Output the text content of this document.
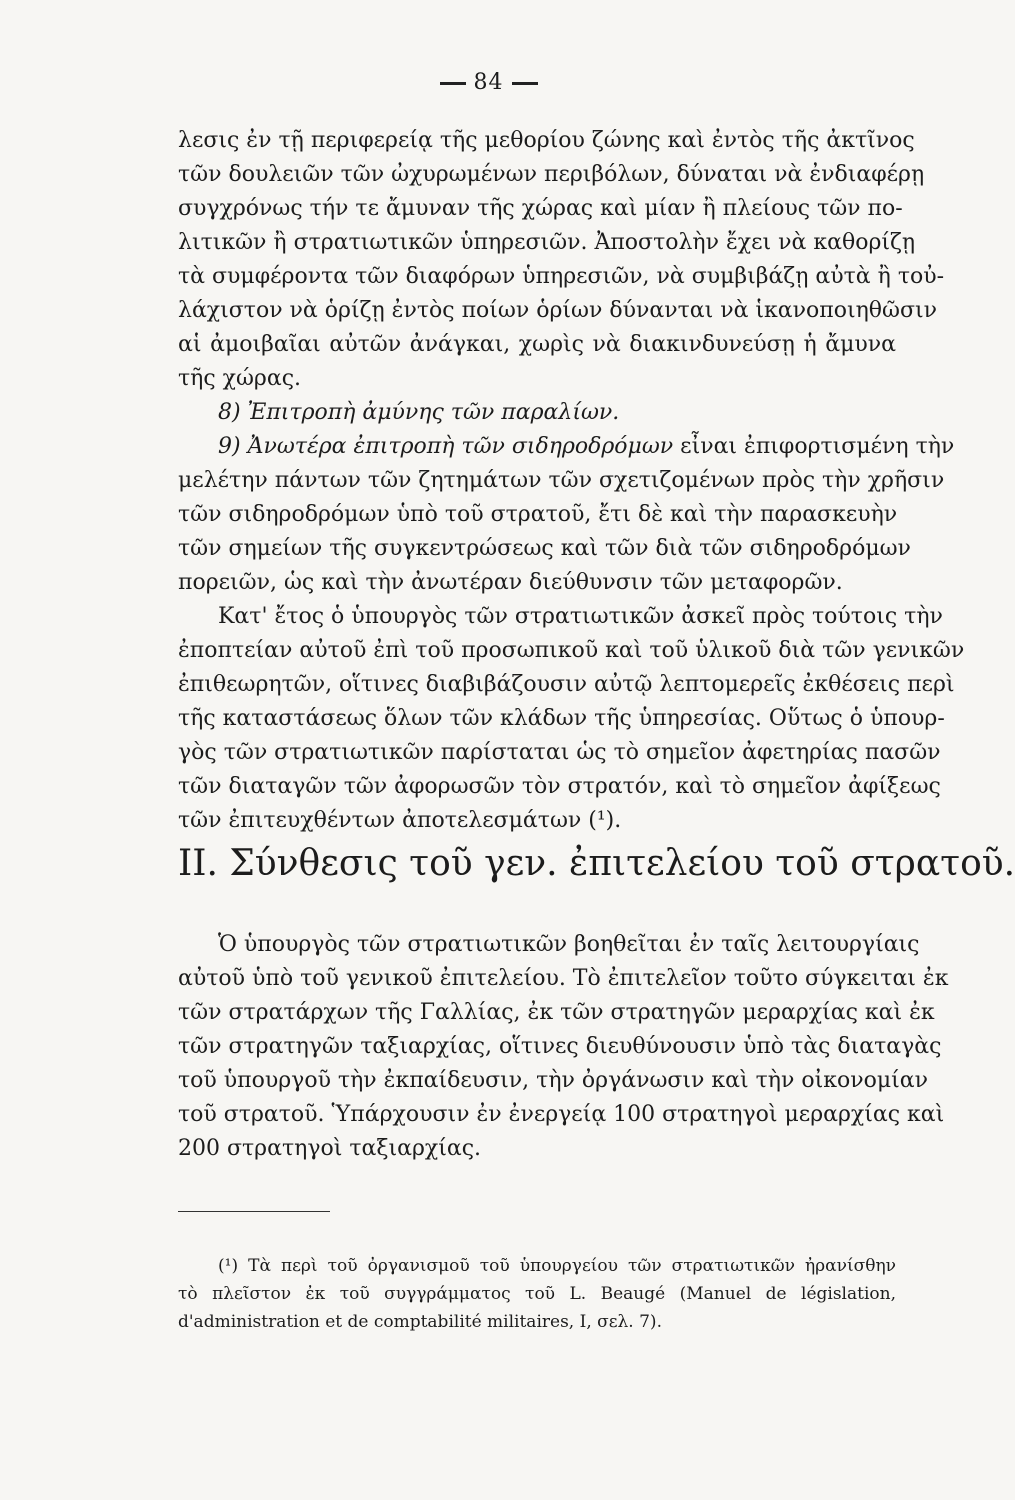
84
λεσις ἐν τῇ περιφερείᾳ τῆς μεθορίου ζώνης καὶ ἐντὸς τῆς ἀκτῖνος
τῶν δουλειῶν τῶν ὠχυρωμένων περιβόλων, δύναται νὰ ἐνδιαφέρῃ
συγχρόνως τήν τε ἄμυναν τῆς χώρας καὶ μίαν ἢ πλείους τῶν πο-
λιτικῶν ἢ στρατιωτικῶν ὑπηρεσιῶν. Ἀποστολὴν ἔχει νὰ καθορίζῃ
τὰ συμφέροντα τῶν διαφόρων ὑπηρεσιῶν, νὰ συμβιβάζῃ αὐτὰ ἢ τοὐ-
λάχιστον νὰ ὁρίζῃ ἐντὸς ποίων ὁρίων δύνανται νὰ ἱκανοποιηθῶσιν
αἱ ἀμοιβαῖαι αὐτῶν ἀνάγκαι, χωρὶς νὰ διακινδυνεύσῃ ἡ ἄμυνα
τῆς χώρας.
8) Ἐπιτροπὴ ἀμύνης τῶν παραλίων.
9) Ἀνωτέρα ἐπιτροπὴ τῶν σιδηροδρόμων εἶναι ἐπιφορτισμένη τὴν
μελέτην πάντων τῶν ζητημάτων τῶν σχετιζομένων πρὸς τὴν χρῆσιν
τῶν σιδηροδρόμων ὑπὸ τοῦ στρατοῦ, ἔτι δὲ καὶ τὴν παρασκευὴν
τῶν σημείων τῆς συγκεντρώσεως καὶ τῶν διὰ τῶν σιδηροδρόμων
πορειῶν, ὡς καὶ τὴν ἀνωτέραν διεύθυνσιν τῶν μεταφορῶν.
Κατ' ἔτος ὁ ὑπουργὸς τῶν στρατιωτικῶν ἀσκεῖ πρὸς τούτοις τὴν
ἐποπτείαν αὐτοῦ ἐπὶ τοῦ προσωπικοῦ καὶ τοῦ ὑλικοῦ διὰ τῶν γενικῶν
ἐπιθεωρητῶν, οἵτινες διαβιβάζουσιν αὐτῷ λεπτομερεῖς ἐκθέσεις περὶ
τῆς καταστάσεως ὅλων τῶν κλάδων τῆς ὑπηρεσίας. Οὕτως ὁ ὑπουρ-
γὸς τῶν στρατιωτικῶν παρίσταται ὡς τὸ σημεῖον ἀφετηρίας πασῶν
τῶν διαταγῶν τῶν ἀφορωσῶν τὸν στρατόν, καὶ τὸ σημεῖον ἀφίξεως
τῶν ἐπιτευχθέντων ἀποτελεσμάτων (¹).
II. Σύνθεσις τοῦ γεν. ἐπιτελείου τοῦ στρατοῦ.
Ὁ ὑπουργὸς τῶν στρατιωτικῶν βοηθεῖται ἐν ταῖς λειτουργίαις
αὐτοῦ ὑπὸ τοῦ γενικοῦ ἐπιτελείου. Τὸ ἐπιτελεῖον τοῦτο σύγκειται ἐκ
τῶν στρατάρχων τῆς Γαλλίας, ἐκ τῶν στρατηγῶν μεραρχίας καὶ ἐκ
τῶν στρατηγῶν ταξιαρχίας, οἵτινες διευθύνουσιν ὑπὸ τὰς διαταγὰς
τοῦ ὑπουργοῦ τὴν ἐκπαίδευσιν, τὴν ὀργάνωσιν καὶ τὴν οἰκονομίαν
τοῦ στρατοῦ. Ὑπάρχουσιν ἐν ἐνεργείᾳ 100 στρατηγοὶ μεραρχίας καὶ
200 στρατηγοὶ ταξιαρχίας.
(¹) Τὰ περὶ τοῦ ὀργανισμοῦ τοῦ ὑπουργείου τῶν στρατιωτικῶν ἠρανίσθην
τὸ πλεῖστον ἐκ τοῦ συγγράμματος τοῦ L. Beaugé (Manuel de législation,
d'administration et de comptabilité militaires, I, σελ. 7).
